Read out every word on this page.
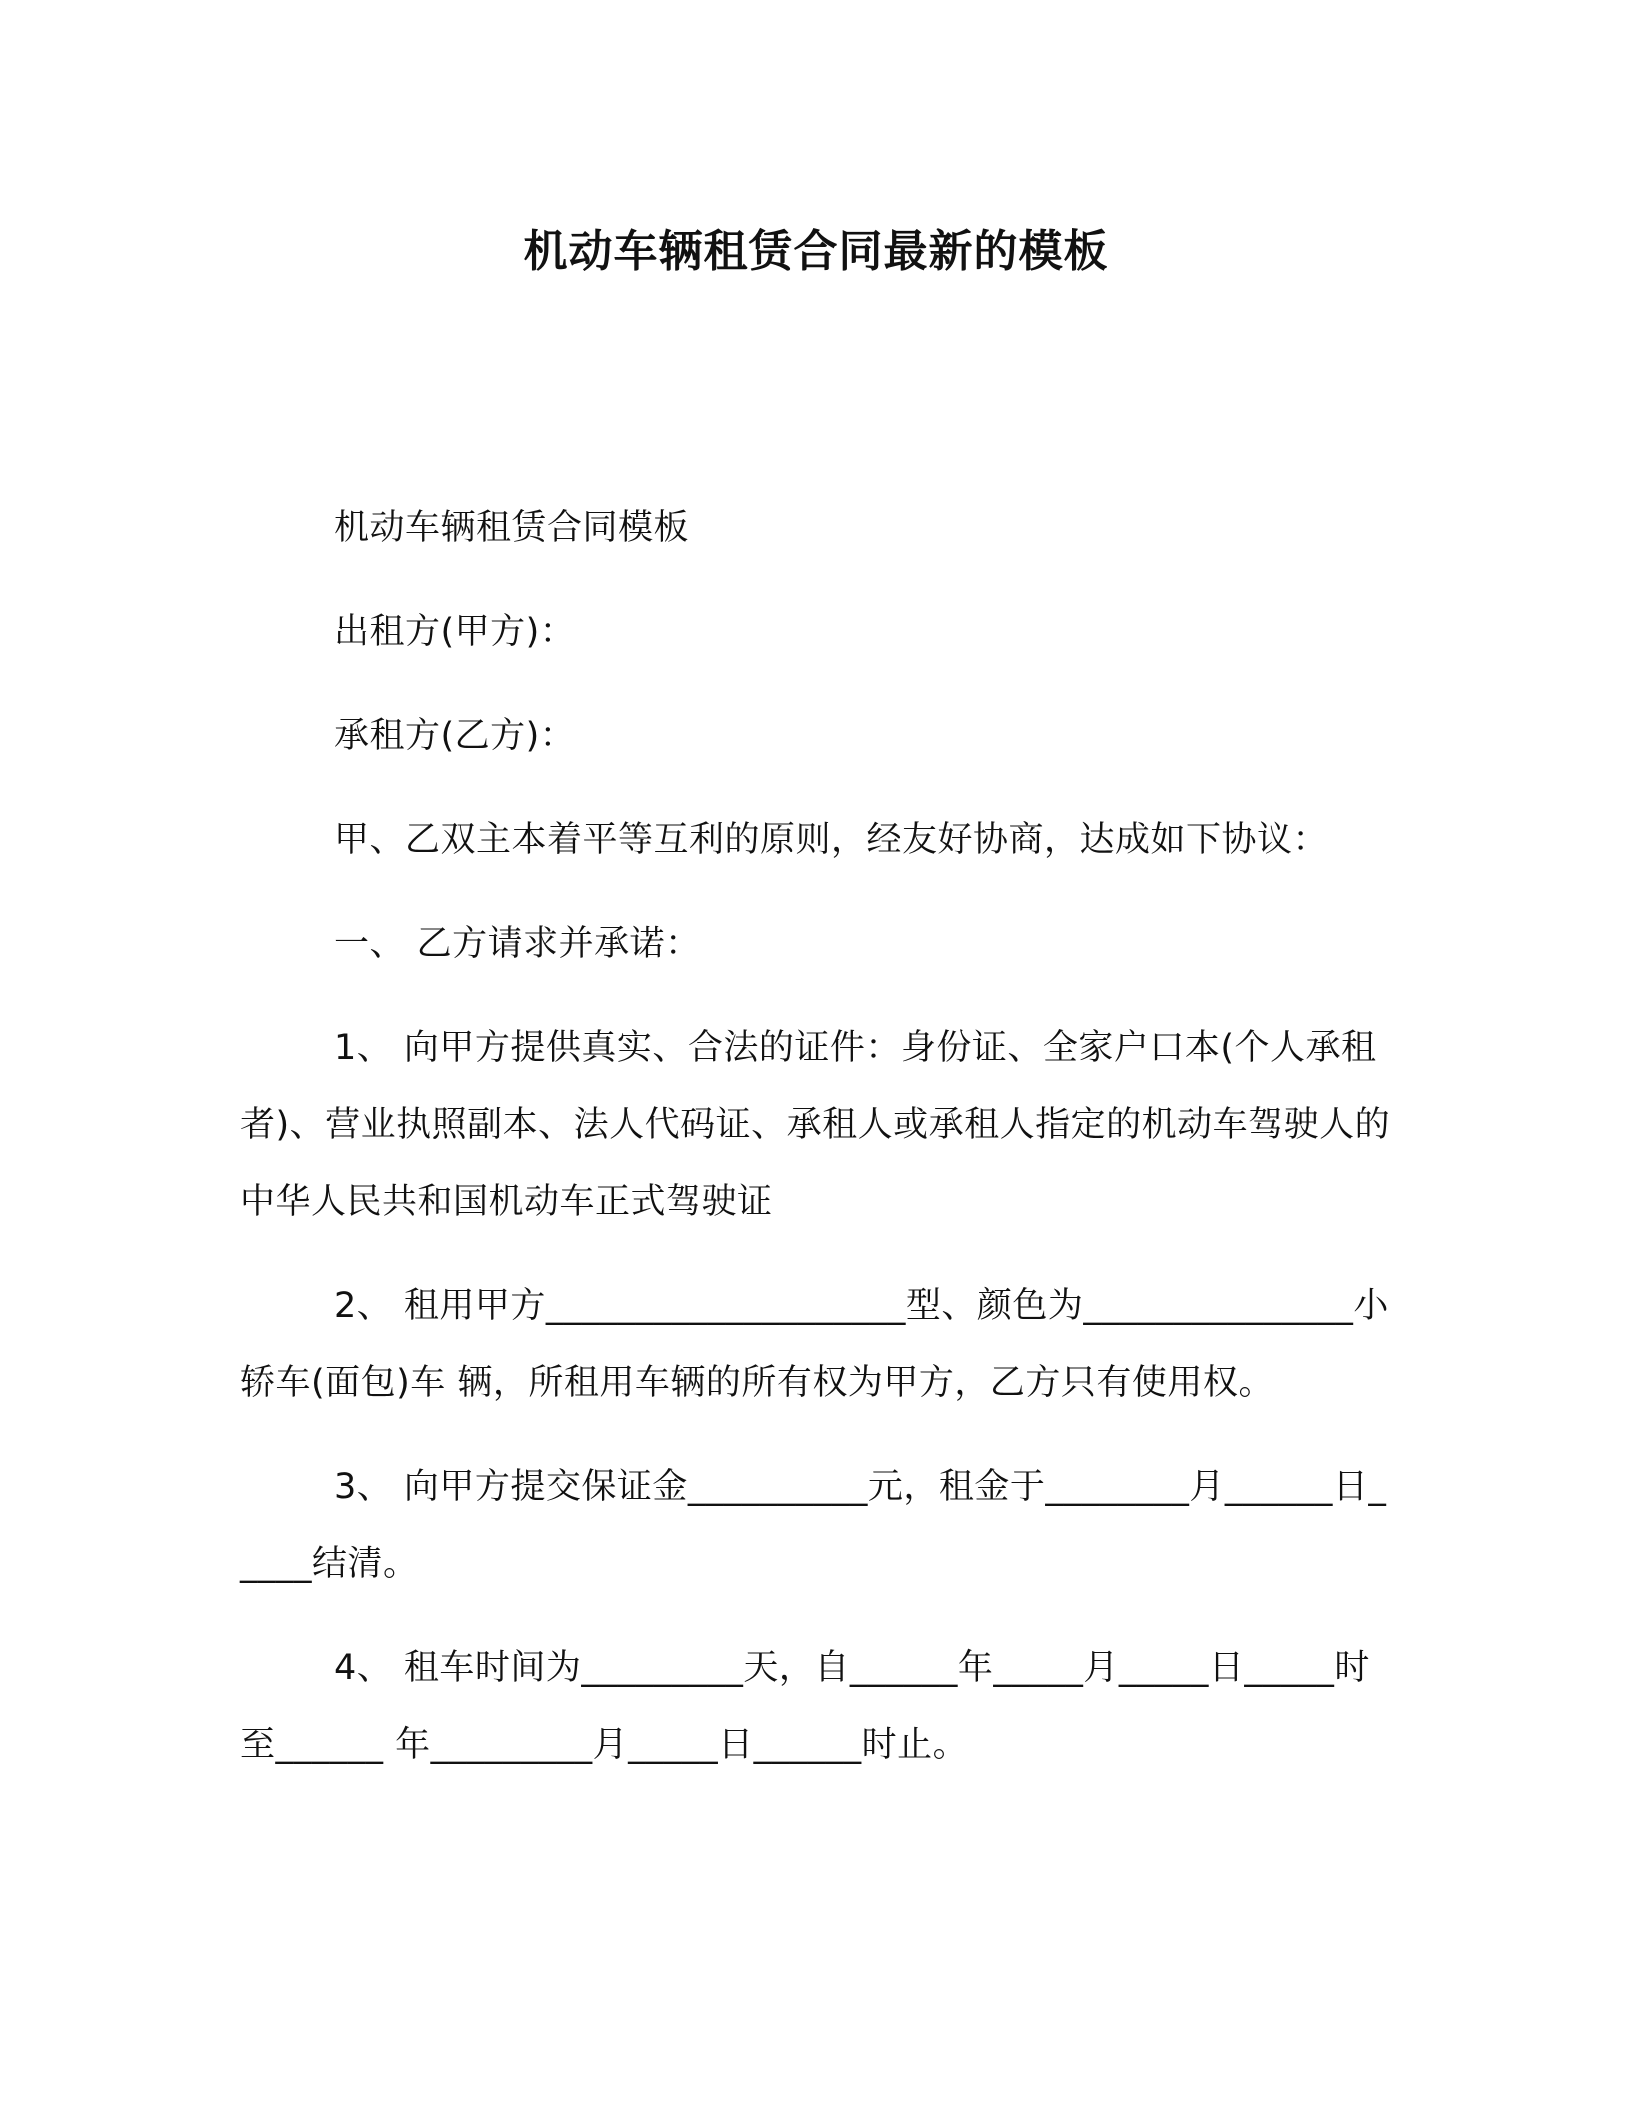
机动车辆租赁合同最新的模板

机动车辆租赁合同模板

出租方(甲方)：

承租方(乙方)：

甲、乙双主本着平等互利的原则，经友好协商，达成如下协议：

一、 乙方请求并承诺：

1、 向甲方提供真实、合法的证件：身份证、全家户口本(个人承租者)、营业执照副本、法人代码证、承租人或承租人指定的机动车驾驶人的中华人民共和国机动车正式驾驶证

2、 租用甲方____________________型、颜色为_______________小轿车(面包)车 辆，所租用车辆的所有权为甲方，乙方只有使用权。

3、 向甲方提交保证金__________元，租金于________月______日_____结清。

4、 租车时间为_________天，自______年_____月_____日_____时至______ 年_________月_____日______时止。
